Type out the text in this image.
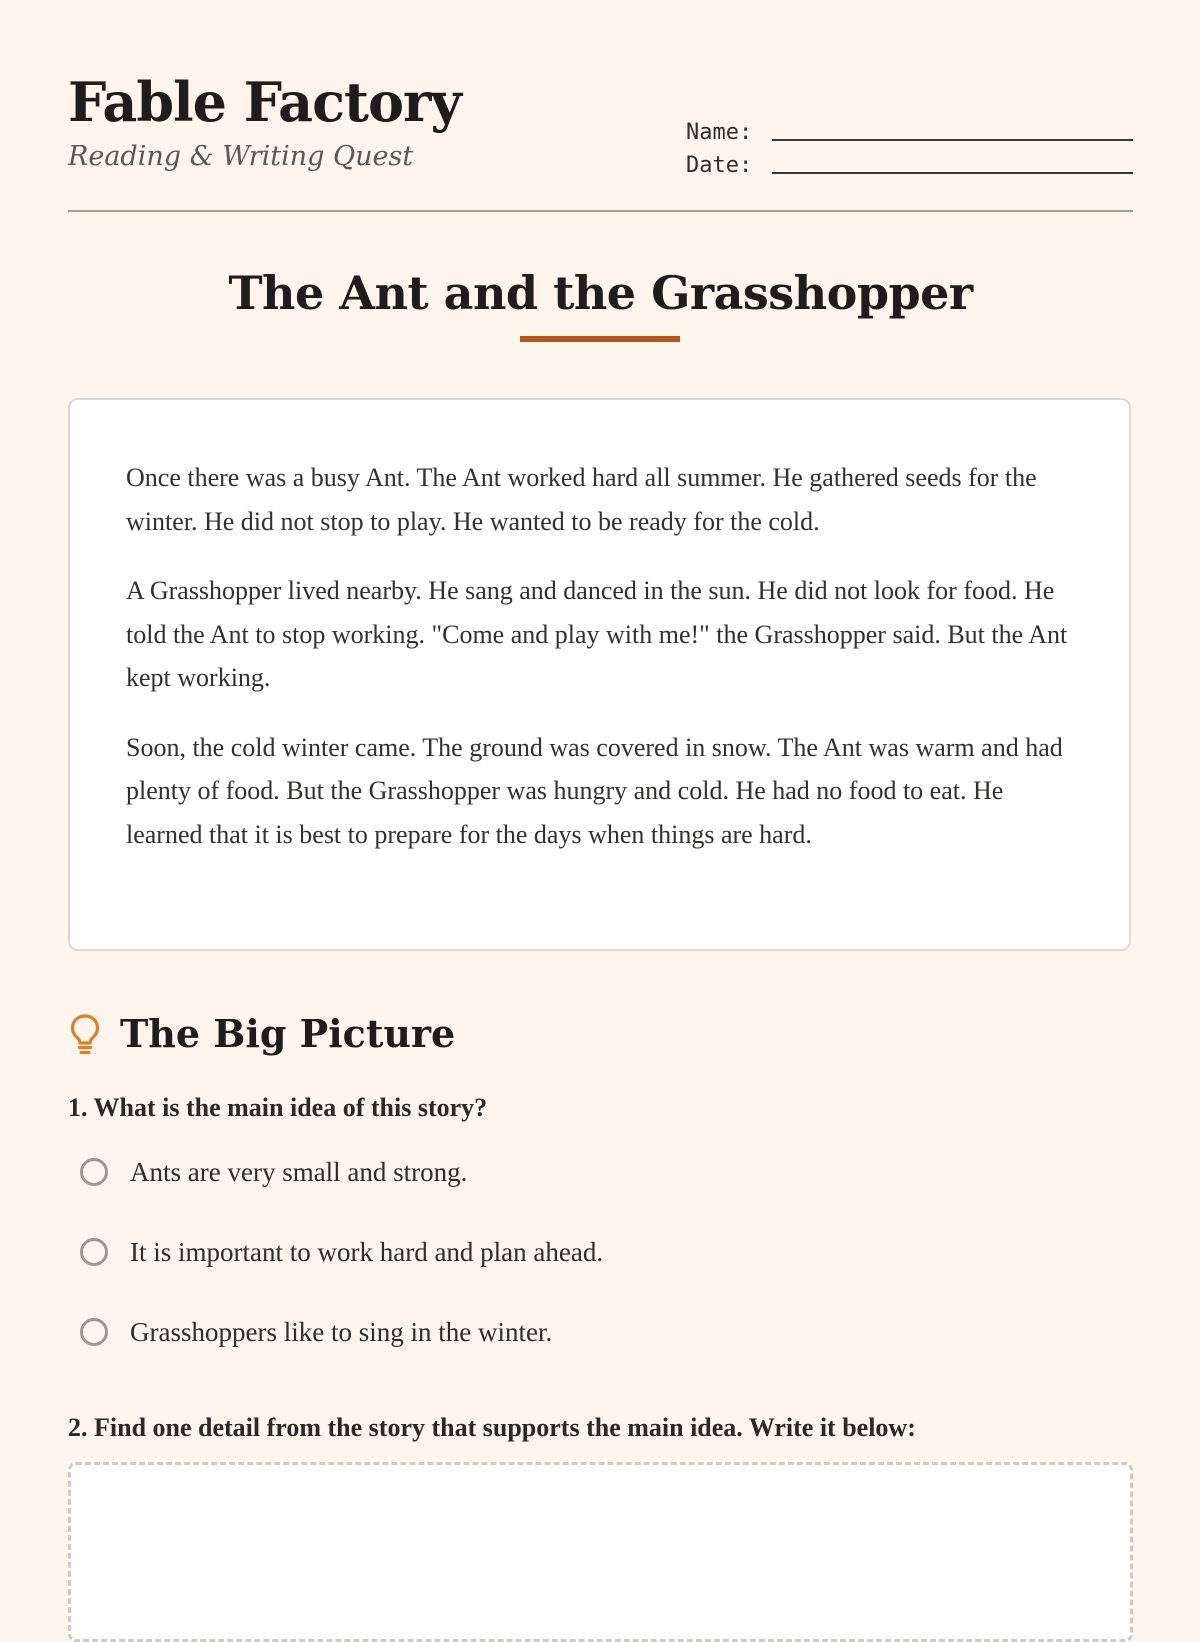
Fable Factory
Reading & Writing Quest
Name:
Date:
The Ant and the Grasshopper

Once there was a busy Ant. The Ant worked hard all summer. He gathered seeds for the winter. He did not stop to play. He wanted to be ready for the cold.

A Grasshopper lived nearby. He sang and danced in the sun. He did not look for food. He told the Ant to stop working. "Come and play with me!" the Grasshopper said. But the Ant kept working.

Soon, the cold winter came. The ground was covered in snow. The Ant was warm and had plenty of food. But the Grasshopper was hungry and cold. He had no food to eat. He learned that it is best to prepare for the days when things are hard.

The Big Picture

1. What is the main idea of this story?

Ants are very small and strong.
It is important to work hard and plan ahead.
Grasshoppers like to sing in the winter.

2. Find one detail from the story that supports the main idea. Write it below:
